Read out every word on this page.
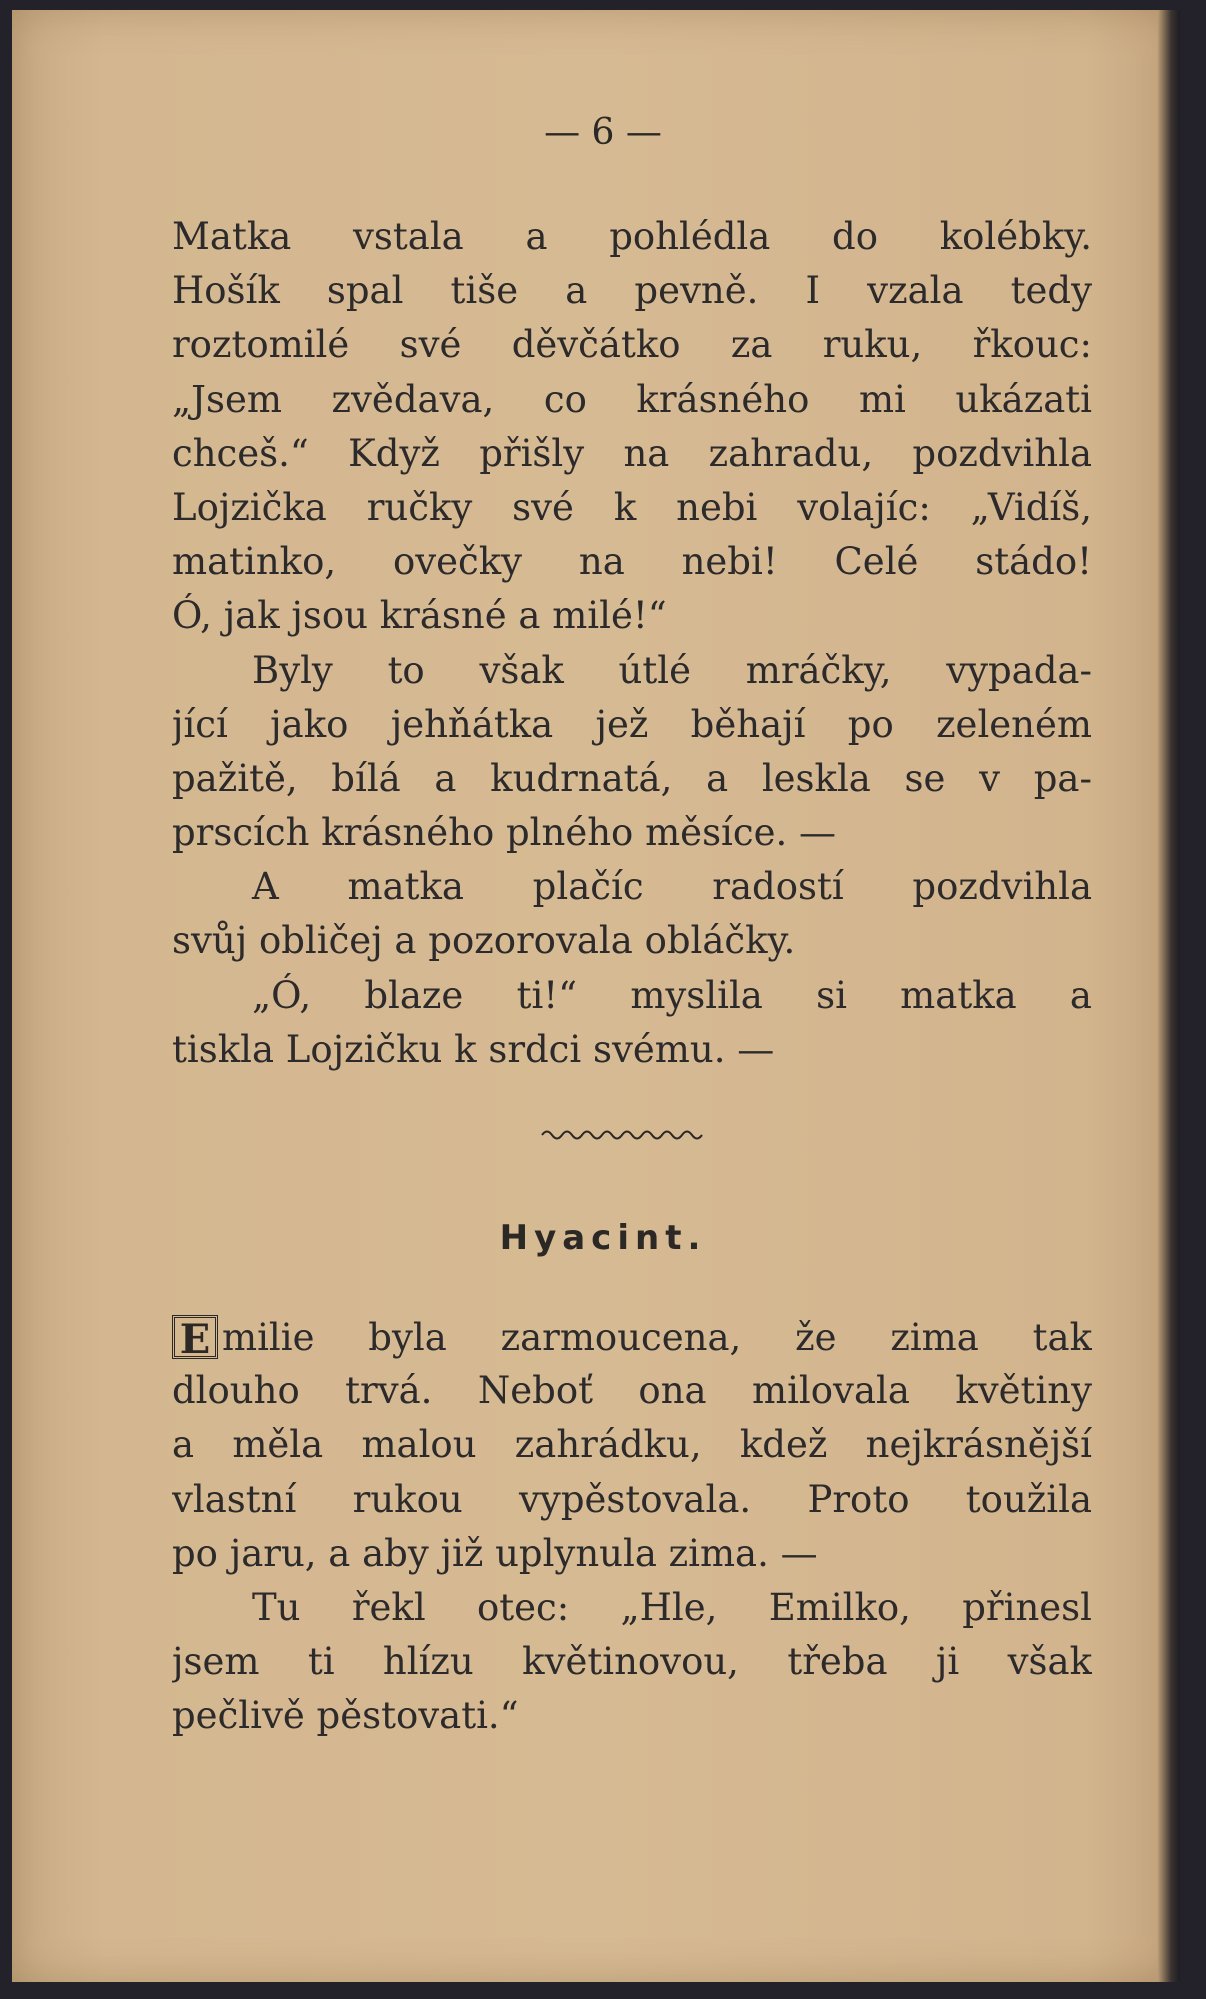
— 6 —
Matka vstala a pohlédla do kolébky.
Hošík spal tiše a pevně. I vzala tedy
roztomilé své děvčátko za ruku, řkouc:
„Jsem zvědava, co krásného mi ukázati
chceš.“ Když přišly na zahradu, pozdvihla
Lojzička ručky své k nebi volajíc: „Vidíš,
matinko, ovečky na nebi! Celé stádo!
Ó, jak jsou krásné a milé!“
Byly to však útlé mráčky, vypada-
jící jako jehňátka jež běhají po zeleném
pažitě, bílá a kudrnatá, a leskla se v pa-
prscích krásného plného měsíce. —
A matka plačíc radostí pozdvihla
svůj obličej a pozorovala obláčky.
„Ó, blaze ti!“ myslila si matka a
tiskla Lojzičku k srdci svému. —
Hyacint.
E milie byla zarmoucena, že zima tak
dlouho trvá. Neboť ona milovala květiny
a měla malou zahrádku, kdež nejkrásnější
vlastní rukou vypěstovala. Proto toužila
po jaru, a aby již uplynula zima. —
Tu řekl otec: „Hle, Emilko, přinesl
jsem ti hlízu květinovou, třeba ji však
pečlivě pěstovati.“
